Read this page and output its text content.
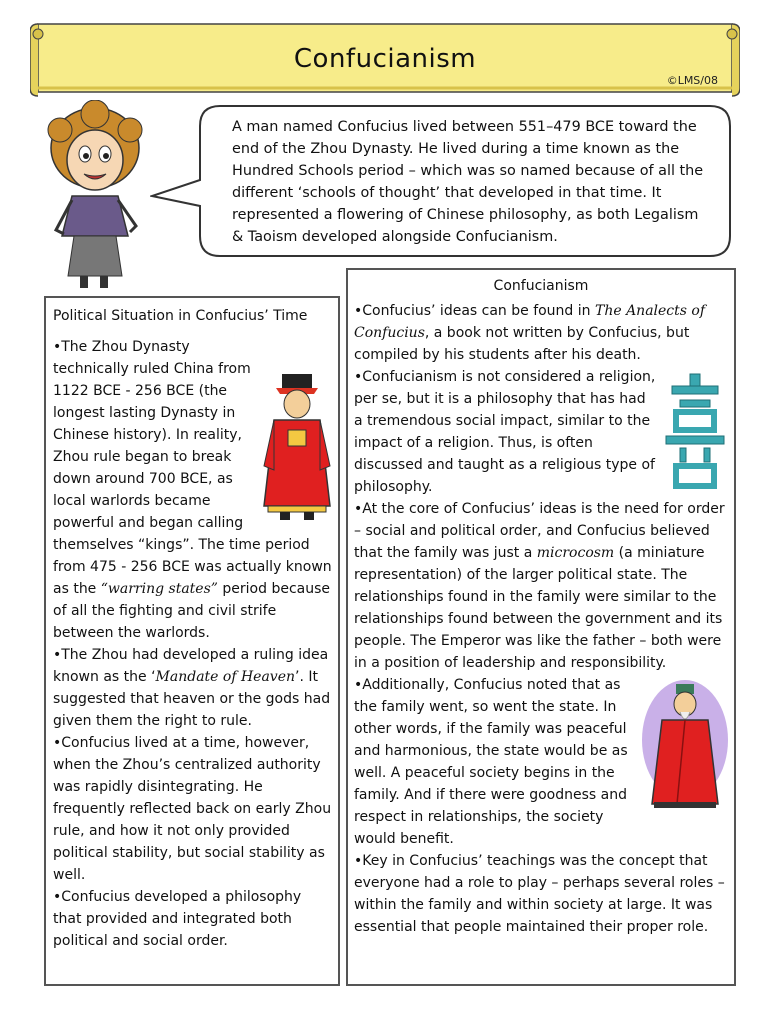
Confucianism
©LMS/08
A man named Confucius lived between 551–479 BCE toward the end of the Zhou Dynasty. He lived during a time known as the Hundred Schools period – which was so named because of all the different ‘schools of thought’ that developed in that time. It represented a flowering of Chinese philosophy, as both Legalism & Taoism developed alongside Confucianism.
Political Situation in Confucius’ Time

•The Zhou Dynasty technically ruled China from 1122 BCE - 256 BCE (the longest lasting Dynasty in Chinese history). In reality, Zhou rule began to break down around 700 BCE, as local warlords became powerful and began calling themselves “kings”. The time period from 475 - 256 BCE was actually known as the “warring states” period because of all the fighting and civil strife between the warlords.

•The Zhou had developed a ruling idea known as the ‘Mandate of Heaven’. It suggested that heaven or the gods had given them the right to rule.

•Confucius lived at a time, however, when the Zhou’s centralized authority was rapidly disintegrating. He frequently reflected back on early Zhou rule, and how it not only provided political stability, but social stability as well.

•Confucius developed a philosophy that provided and integrated both political and social order.

Confucianism

•Confucius’ ideas can be found in The Analects of Confucius, a book not written by Confucius, but compiled by his students after his death.

•Confucianism is not considered a religion, per se, but it is a philosophy that has had a tremendous social impact, similar to the impact of a religion. Thus, is often discussed and taught as a religious type of philosophy.

•At the core of Confucius’ ideas is the need for order – social and political order, and Confucius believed that the family was just a microcosm (a miniature representation) of the larger political state. The relationships found in the family were similar to the relationships found between the government and its people. The Emperor was like the father – both were in a position of leadership and responsibility.

•Additionally, Confucius noted that as the family went, so went the state. In other words, if the family was peaceful and harmonious, the state would be as well. A peaceful society begins in the family. And if there were goodness and respect in relationships, the society would benefit.

•Key in Confucius’ teachings was the concept that everyone had a role to play – perhaps several roles – within the family and within society at large. It was essential that people maintained their proper role.
